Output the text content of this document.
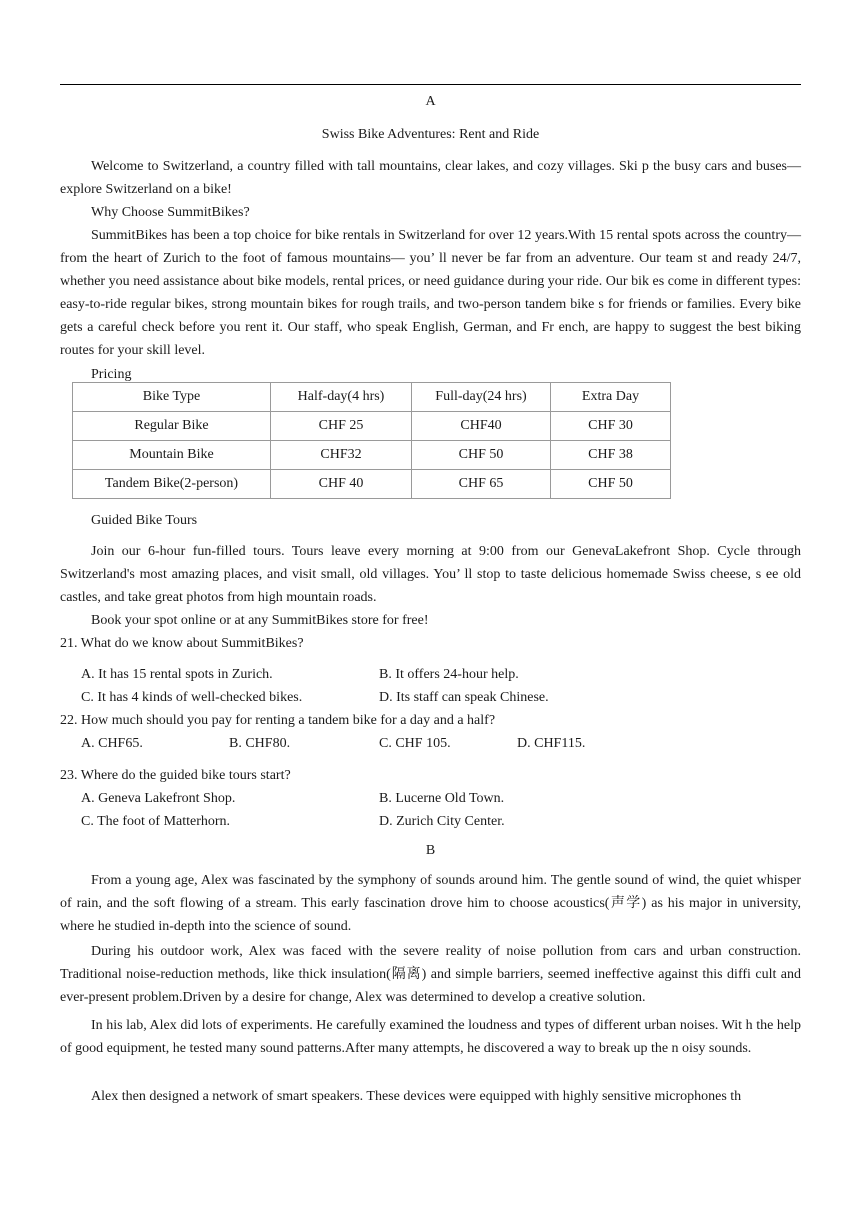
A
Swiss Bike Adventures: Rent and Ride
Welcome to Switzerland, a country filled with tall mountains, clear lakes, and cozy villages. Ski p the busy cars and buses— explore Switzerland on a bike!
Why Choose SummitBikes?
SummitBikes has been a top choice for bike rentals in Switzerland for over 12 years.With 15 rental spots across the country— from the heart of Zurich to the foot of famous mountains— you’ ll never be far from an adventure. Our team st and ready 24/7, whether you need assistance about bike models, rental prices, or need guidance during your ride. Our bik es come in different types: easy-to-ride regular bikes, strong mountain bikes for rough trails, and two-person tandem bike s for friends or families. Every bike gets a careful check before you rent it. Our staff, who speak English, German, and Fr ench, are happy to suggest the best biking routes for your skill level.
Pricing
Bike Type	Half-day(4 hrs)	Full-day(24 hrs)	Extra Day
Regular Bike	CHF 25	CHF40	CHF 30
Mountain Bike	CHF32	CHF 50	CHF 38
Tandem Bike(2-person)	CHF 40	CHF 65	CHF 50
Guided Bike Tours
Join our 6-hour fun-filled tours. Tours leave every morning at 9:00 from our GenevaLakefront Shop. Cycle through Switzerland's most amazing places, and visit small, old villages. You’ ll stop to taste delicious homemade Swiss cheese, s ee old castles, and take great photos from high mountain roads.
Book your spot online or at any SummitBikes store for free!
21. What do we know about SummitBikes?
A. It has 15 rental spots in Zurich.	B. It offers 24-hour help.
C. It has 4 kinds of well-checked bikes.	D. Its staff can speak Chinese.
22. How much should you pay for renting a tandem bike for a day and a half?
A. CHF65.	B. CHF80.	C. CHF 105.	D. CHF115.
23. Where do the guided bike tours start?
A. Geneva Lakefront Shop.	B. Lucerne Old Town.
C. The foot of Matterhorn.	D. Zurich City Center.
B
From a young age, Alex was fascinated by the symphony of sounds around him. The gentle sound of wind, the quiet whisper of rain, and the soft flowing of a stream. This early fascination drove him to choose acoustics(声学) as his major in university, where he studied in-depth into the science of sound.
During his outdoor work, Alex was faced with the severe reality of noise pollution from cars and urban construction. Traditional noise-reduction methods, like thick insulation(隔离) and simple barriers, seemed ineffective against this diffi cult and ever-present problem.Driven by a desire for change, Alex was determined to develop a creative solution.
In his lab, Alex did lots of experiments. He carefully examined the loudness and types of different urban noises. Wit h the help of good equipment, he tested many sound patterns.After many attempts, he discovered a way to break up the n oisy sounds.
Alex then designed a network of smart speakers. These devices were equipped with highly sensitive microphones th
